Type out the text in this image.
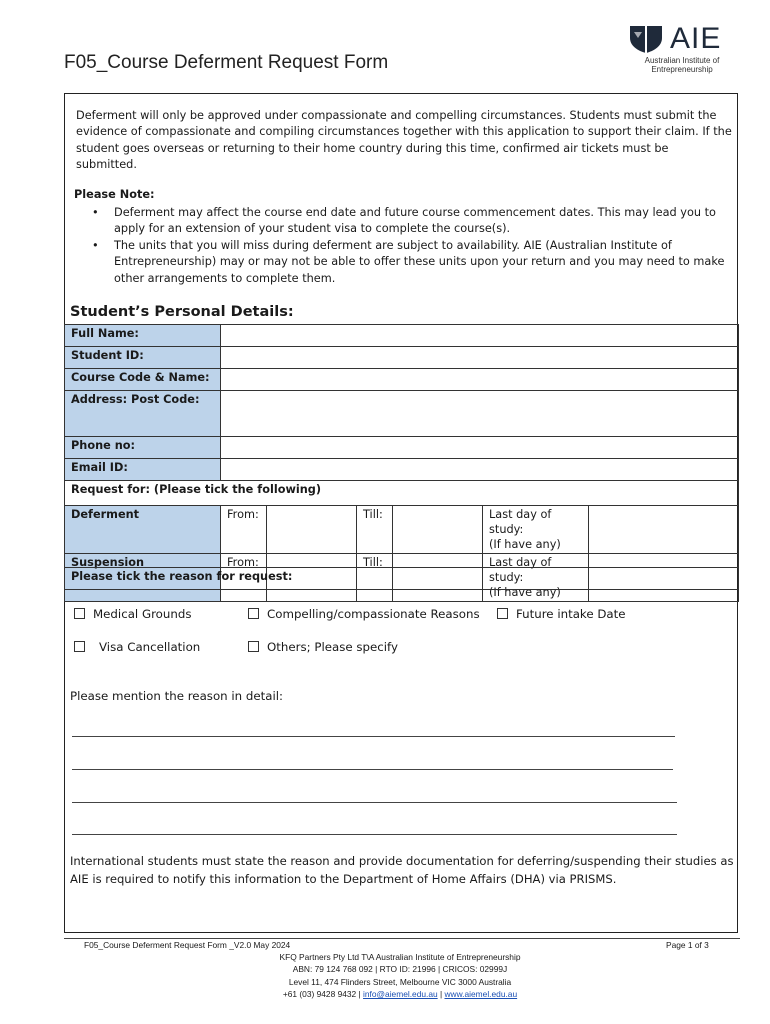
F05_Course Deferment Request Form
AIE
Australian Institute of
Entrepreneurship
Deferment will only be approved under compassionate and compelling circumstances. Students must submit the evidence of compassionate and compiling circumstances together with this application to support their claim. If the student goes overseas or returning to their home country during this time, confirmed air tickets must be submitted.
Please Note:
• Deferment may affect the course end date and future course commencement dates. This may lead you to apply for an extension of your student visa to complete the course(s).
• The units that you will miss during deferment are subject to availability. AIE (Australian Institute of Entrepreneurship) may or may not be able to offer these units upon your return and you may need to make other arrangements to complete them.
Student’s Personal Details:
Full Name:	
Student ID:	
Course Code & Name:	
Address: Post Code:	
Phone no:	
Email ID:	
Request for: (Please tick the following)
Deferment	From:		Till:		Last day of study:
(If have any)	

Suspension	From:		Till:		Last day of study:
(If have any)	

Please tick the reason for request:
Medical Grounds	Compelling/compassionate Reasons	Future intake Date
Visa Cancellation	Others; Please specify
Please mention the reason in detail:
International students must state the reason and provide documentation for deferring/suspending their studies as AIE is required to notify this information to the Department of Home Affairs (DHA) via PRISMS.
F05_Course Deferment Request Form _V2.0 May 2024	Page 1 of 3
KFQ Partners Pty Ltd T\A Australian Institute of Entrepreneurship
ABN: 79 124 768 092 | RTO ID: 21996 | CRICOS: 02999J
Level 11, 474 Flinders Street, Melbourne VIC 3000 Australia
+61 (03) 9428 9432 | info@aiemel.edu.au | www.aiemel.edu.au
